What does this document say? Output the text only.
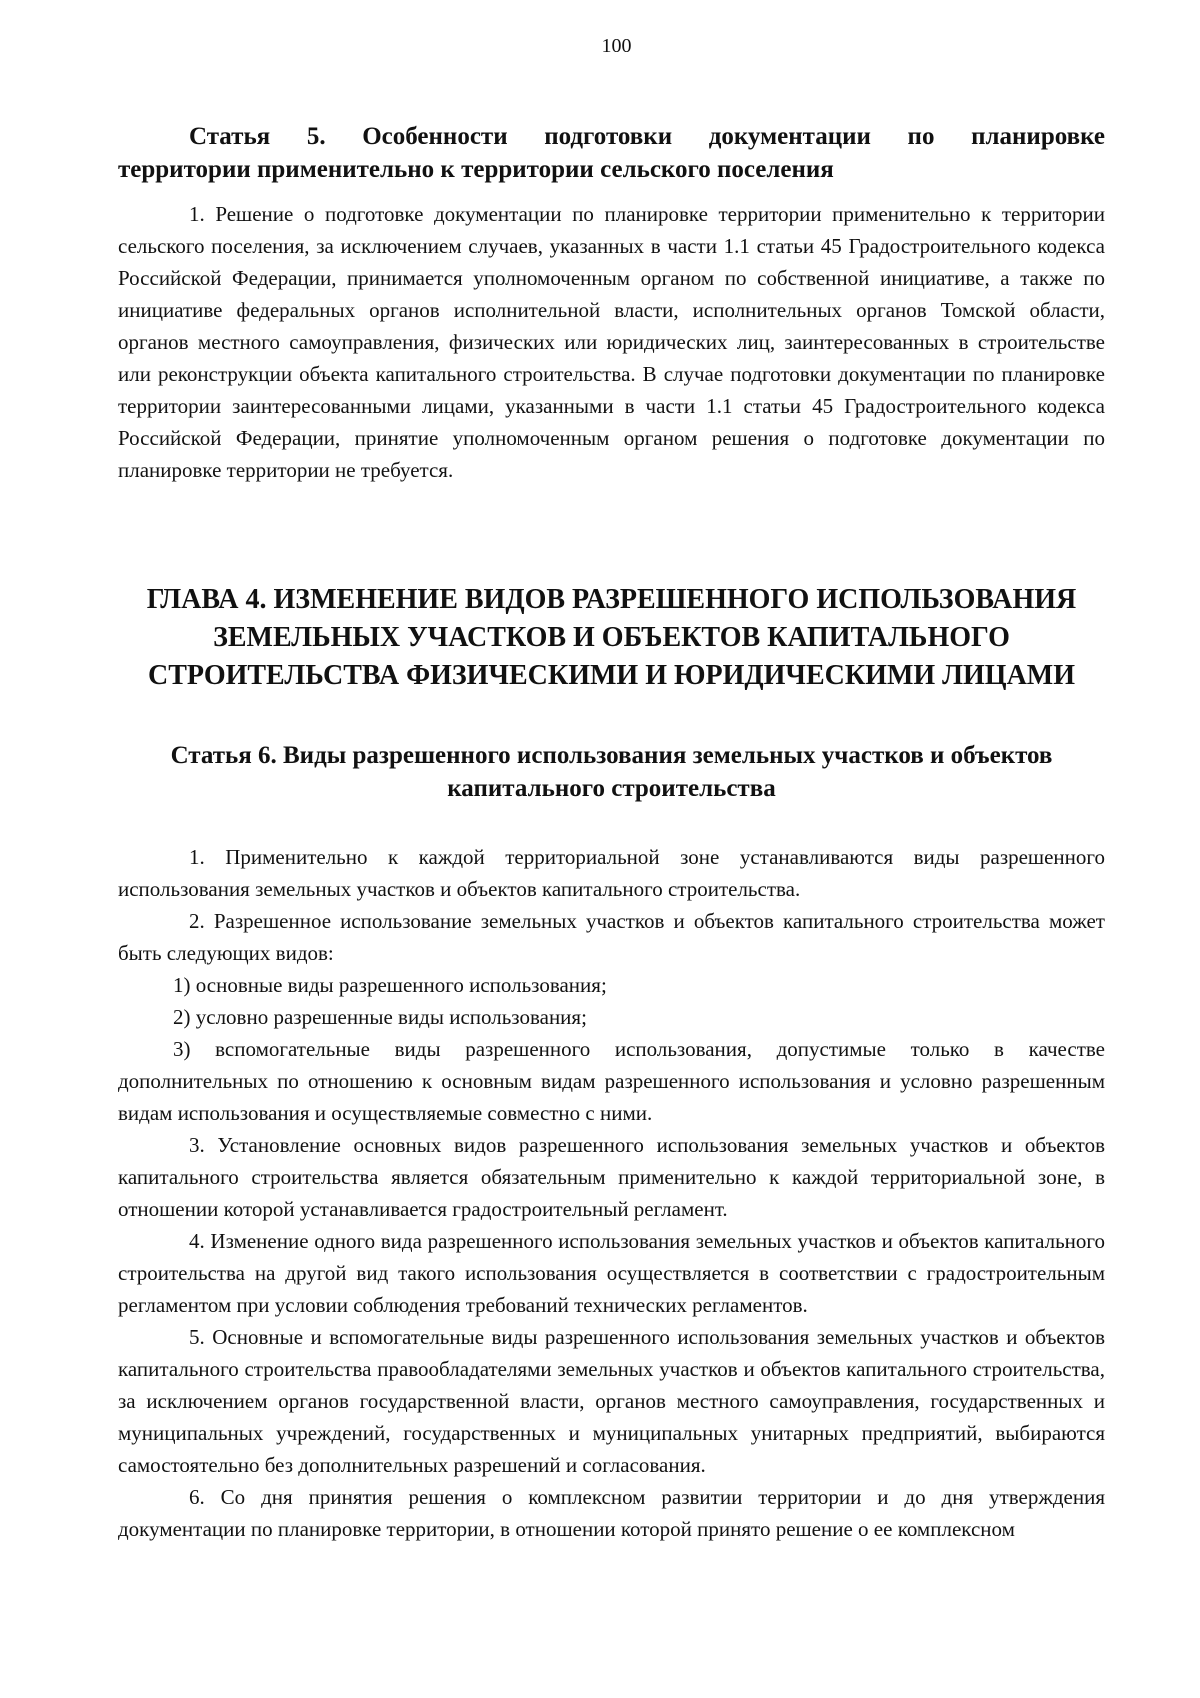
100
Статья 5. Особенности подготовки документации по планировке
территории применительно к территории сельского поселения

1. Решение о подготовке документации по планировке территории применительно к территории сельского поселения, за исключением случаев, указанных в части 1.1 статьи 45 Градостроительного кодекса Российской Федерации, принимается уполномоченным органом по собственной инициативе, а также по инициативе федеральных органов исполнительной власти, исполнительных органов Томской области, органов местного самоуправления, физических или юридических лиц, заинтересованных в строительстве или реконструкции объекта капитального строительства. В случае подготовки документации по планировке территории заинтересованными лицами, указанными в части 1.1 статьи 45 Градостроительного кодекса Российской Федерации, принятие уполномоченным органом решения о подготовке документации по планировке территории не требуется.

ГЛАВА 4. ИЗМЕНЕНИЕ ВИДОВ РАЗРЕШЕННОГО ИСПОЛЬЗОВАНИЯ
ЗЕМЕЛЬНЫХ УЧАСТКОВ И ОБЪЕКТОВ КАПИТАЛЬНОГО
СТРОИТЕЛЬСТВА ФИЗИЧЕСКИМИ И ЮРИДИЧЕСКИМИ ЛИЦАМИ
Статья 6. Виды разрешенного использования земельных участков и объектов
капитального строительства

1. Применительно к каждой территориальной зоне устанавливаются виды разрешенного использования земельных участков и объектов капитального строительства.

2. Разрешенное использование земельных участков и объектов капитального строительства может быть следующих видов:

1) основные виды разрешенного использования;

2) условно разрешенные виды использования;

3) вспомогательные виды разрешенного использования, допустимые только в качестве дополнительных по отношению к основным видам разрешенного использования и условно разрешенным видам использования и осуществляемые совместно с ними.

3. Установление основных видов разрешенного использования земельных участков и объектов капитального строительства является обязательным применительно к каждой территориальной зоне, в отношении которой устанавливается градостроительный регламент.

4. Изменение одного вида разрешенного использования земельных участков и объектов капитального строительства на другой вид такого использования осуществляется в соответствии с градостроительным регламентом при условии соблюдения требований технических регламентов.

5. Основные и вспомогательные виды разрешенного использования земельных участков и объектов капитального строительства правообладателями земельных участков и объектов капитального строительства, за исключением органов государственной власти, органов местного самоуправления, государственных и муниципальных учреждений, государственных и муниципальных унитарных предприятий, выбираются самостоятельно без дополнительных разрешений и согласования.

6. Со дня принятия решения о комплексном развитии территории и до дня утверждения документации по планировке территории, в отношении которой принято решение о ее комплексном
